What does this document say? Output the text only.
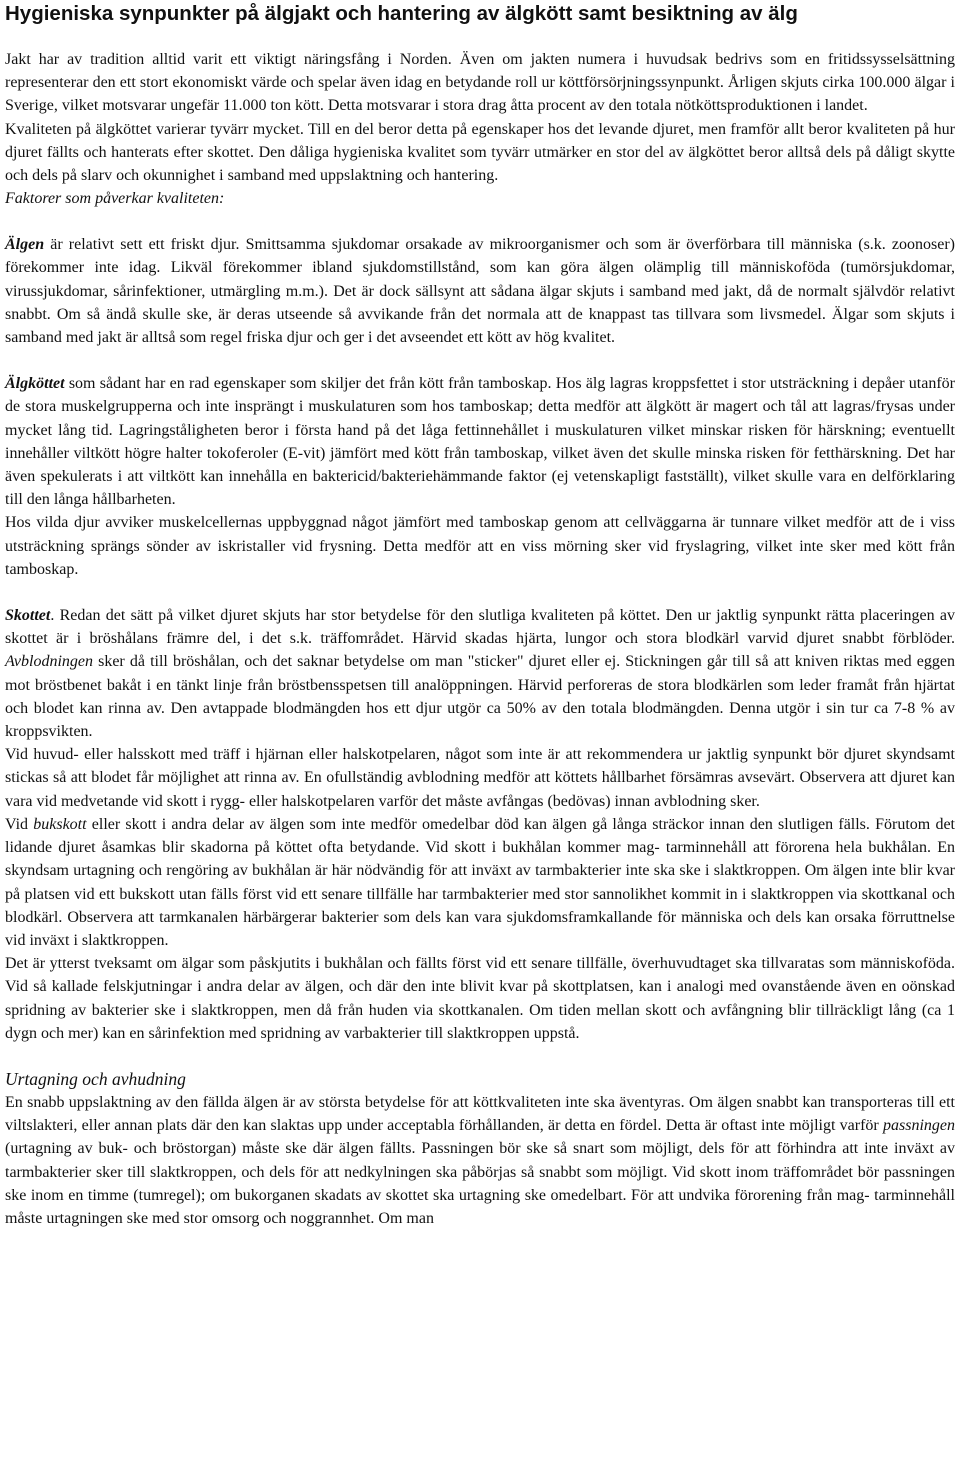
Hygieniska synpunkter på älgjakt och hantering av älgkött samt besiktning av älg

Jakt har av tradition alltid varit ett viktigt näringsfång i Norden. Även om jakten numera i huvudsak bedrivs som en fritidssysselsättning representerar den ett stort ekonomiskt värde och spelar även idag en betydande roll ur köttförsörjningssynpunkt. Årligen skjuts cirka 100.000 älgar i Sverige, vilket motsvarar ungefär 11.000 ton kött. Detta motsvarar i stora drag åtta procent av den totala nötköttsproduktionen i landet.

Kvaliteten på älgköttet varierar tyvärr mycket. Till en del beror detta på egenskaper hos det levande djuret, men framför allt beror kvaliteten på hur djuret fällts och hanterats efter skottet. Den dåliga hygieniska kvalitet som tyvärr utmärker en stor del av älgköttet beror alltså dels på dåligt skytte och dels på slarv och okunnighet i samband med uppslaktning och hantering.

Faktorer som påverkar kvaliteten:

Älgen är relativt sett ett friskt djur. Smittsamma sjukdomar orsakade av mikroorganismer och som är överförbara till människa (s.k. zoonoser) förekommer inte idag. Likväl förekommer ibland sjukdomstillstånd, som kan göra älgen olämplig till människoföda (tumörsjukdomar, virussjukdomar, sårinfektioner, utmärgling m.m.). Det är dock sällsynt att sådana älgar skjuts i samband med jakt, då de normalt självdör relativt snabbt. Om så ändå skulle ske, är deras utseende så avvikande från det normala att de knappast tas tillvara som livsmedel. Älgar som skjuts i samband med jakt är alltså som regel friska djur och ger i det avseendet ett kött av hög kvalitet.

Älgköttet som sådant har en rad egenskaper som skiljer det från kött från tamboskap. Hos älg lagras kroppsfettet i stor utsträckning i depåer utanför de stora muskelgrupperna och inte insprängt i muskulaturen som hos tamboskap; detta medför att älgkött är magert och tål att lagras/frysas under mycket lång tid. Lagringståligheten beror i första hand på det låga fettinnehållet i muskulaturen vilket minskar risken för härskning; eventuellt innehåller viltkött högre halter tokoferoler (E-vit) jämfört med kött från tamboskap, vilket även det skulle minska risken för fetthärskning. Det har även spekulerats i att viltkött kan innehålla en baktericid/bakteriehämmande faktor (ej vetenskapligt fastställt), vilket skulle vara en delförklaring till den långa hållbarheten.

Hos vilda djur avviker muskelcellernas uppbyggnad något jämfört med tamboskap genom att cellväggarna är tunnare vilket medför att de i viss utsträckning sprängs sönder av iskristaller vid frysning. Detta medför att en viss mörning sker vid fryslagring, vilket inte sker med kött från tamboskap.

Skottet. Redan det sätt på vilket djuret skjuts har stor betydelse för den slutliga kvaliteten på köttet. Den ur jaktlig synpunkt rätta placeringen av skottet är i bröshålans främre del, i det s.k. träffområdet. Härvid skadas hjärta, lungor och stora blodkärl varvid djuret snabbt förblöder. Avblodningen sker då till bröshålan, och det saknar betydelse om man "sticker" djuret eller ej. Stickningen går till så att kniven riktas med eggen mot bröstbenet bakåt i en tänkt linje från bröstbensspetsen till analöppningen. Härvid perforeras de stora blodkärlen som leder framåt från hjärtat och blodet kan rinna av. Den avtappade blodmängden hos ett djur utgör ca 50% av den totala blodmängden. Denna utgör i sin tur ca 7-8 % av kroppsvikten.

Vid huvud- eller halsskott med träff i hjärnan eller halskotpelaren, något som inte är att rekommendera ur jaktlig synpunkt bör djuret skyndsamt stickas så att blodet får möjlighet att rinna av. En ofullständig avblodning medför att köttets hållbarhet försämras avsevärt. Observera att djuret kan vara vid medvetande vid skott i rygg- eller halskotpelaren varför det måste avfångas (bedövas) innan avblodning sker.

Vid bukskott eller skott i andra delar av älgen som inte medför omedelbar död kan älgen gå långa sträckor innan den slutligen fälls. Förutom det lidande djuret åsamkas blir skadorna på köttet ofta betydande. Vid skott i bukhålan kommer mag- tarminnehåll att förorena hela bukhålan. En skyndsam urtagning och rengöring av bukhålan är här nödvändig för att inväxt av tarmbakterier inte ska ske i slaktkroppen. Om älgen inte blir kvar på platsen vid ett bukskott utan fälls först vid ett senare tillfälle har tarmbakterier med stor sannolikhet kommit in i slaktkroppen via skottkanal och blodkärl. Observera att tarmkanalen härbärgerar bakterier som dels kan vara sjukdomsframkallande för människa och dels kan orsaka förruttnelse vid inväxt i slaktkroppen.

Det är ytterst tveksamt om älgar som påskjutits i bukhålan och fällts först vid ett senare tillfälle, överhuvudtaget ska tillvaratas som människoföda. Vid så kallade felskjutningar i andra delar av älgen, och där den inte blivit kvar på skottplatsen, kan i analogi med ovanstående även en oönskad spridning av bakterier ske i slaktkroppen, men då från huden via skottkanalen. Om tiden mellan skott och avfångning blir tillräckligt lång (ca 1 dygn och mer) kan en sårinfektion med spridning av varbakterier till slaktkroppen uppstå.

Urtagning och avhudning

En snabb uppslaktning av den fällda älgen är av största betydelse för att köttkvaliteten inte ska äventyras. Om älgen snabbt kan transporteras till ett viltslakteri, eller annan plats där den kan slaktas upp under acceptabla förhållanden, är detta en fördel. Detta är oftast inte möjligt varför passningen (urtagning av buk- och bröstorgan) måste ske där älgen fällts. Passningen bör ske så snart som möjligt, dels för att förhindra att inte inväxt av tarmbakterier sker till slaktkroppen, och dels för att nedkylningen ska påbörjas så snabbt som möjligt. Vid skott inom träffområdet bör passningen ske inom en timme (tumregel); om bukorganen skadats av skottet ska urtagning ske omedelbart. För att undvika förorening från mag- tarminnehåll måste urtagningen ske med stor omsorg och noggrannhet. Om man
